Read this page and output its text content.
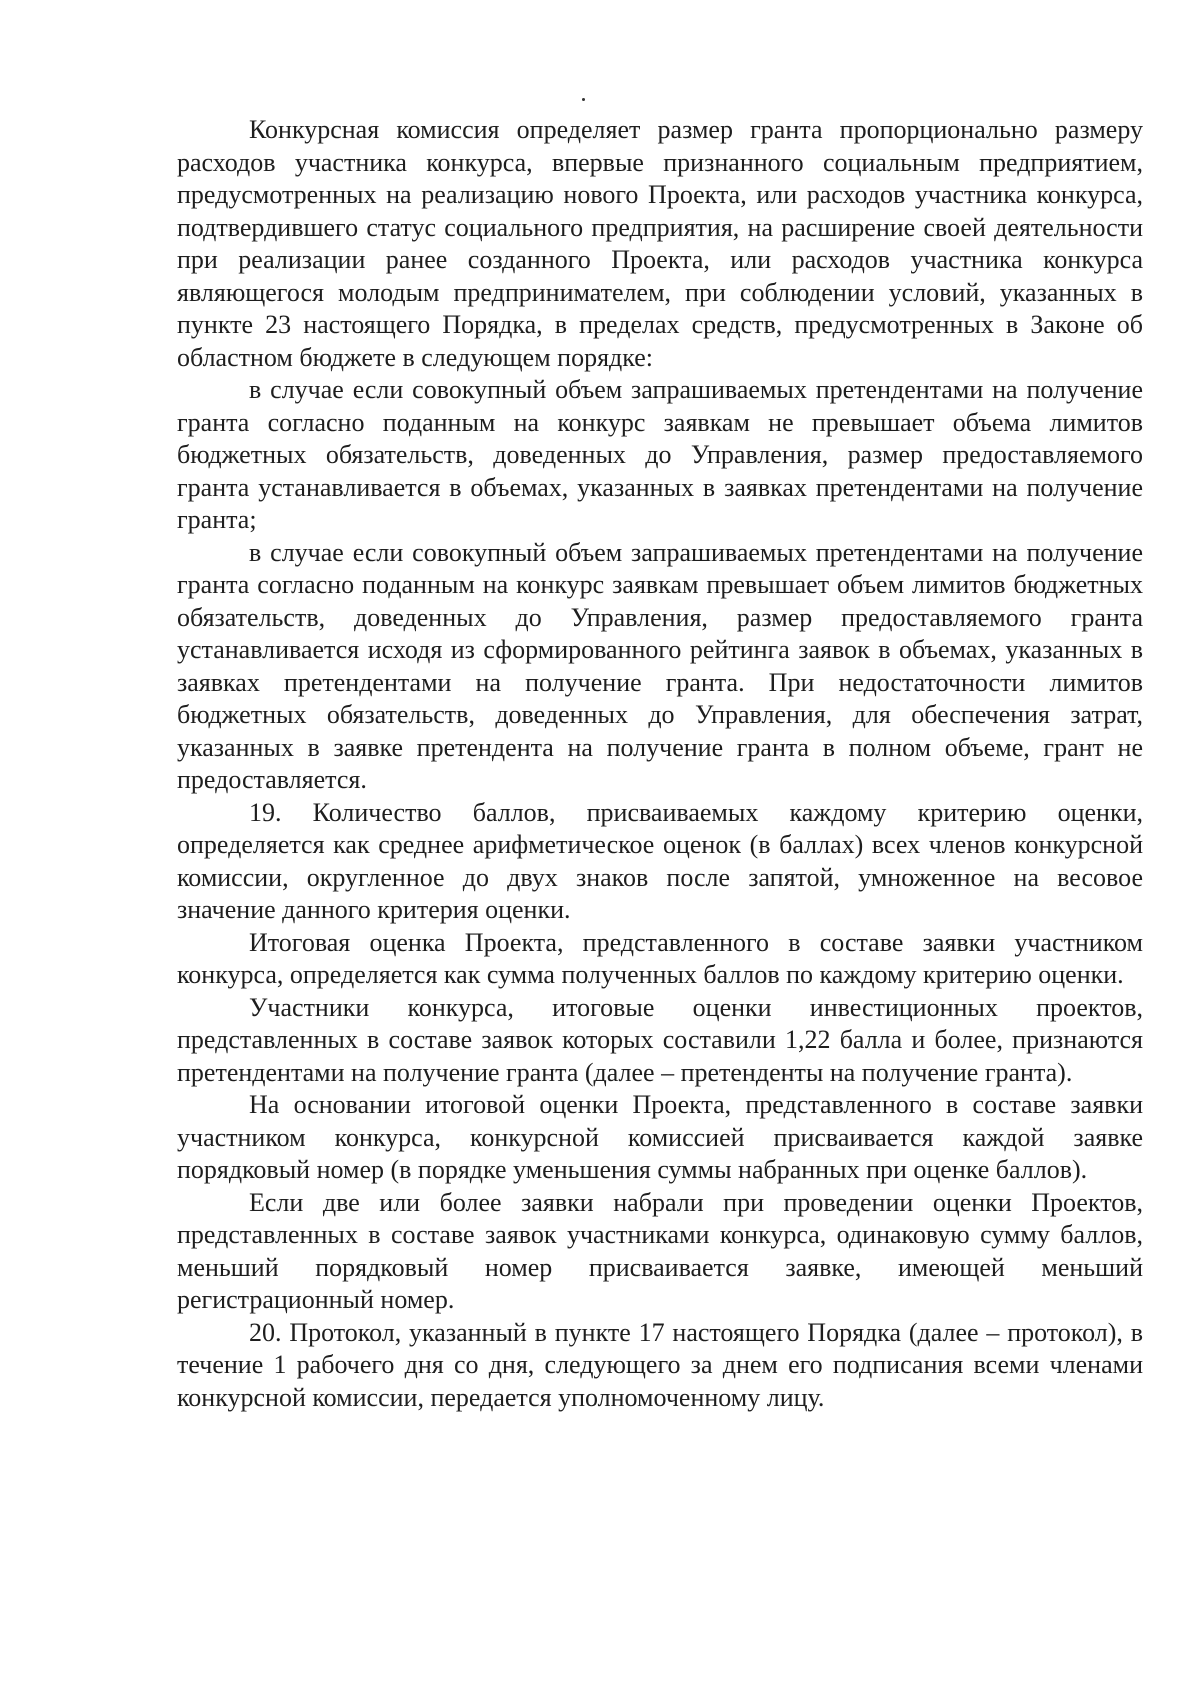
Конкурсная комиссия определяет размер гранта пропорционально размеру расходов участника конкурса, впервые признанного социальным предприятием, предусмотренных на реализацию нового Проекта, или расходов участника конкурса, подтвердившего статус социального предприятия, на расширение своей деятельности при реализации ранее созданного Проекта, или расходов участника конкурса являющегося молодым предпринимателем, при соблюдении условий, указанных в пункте 23 настоящего Порядка, в пределах средств, предусмотренных в Законе об областном бюджете в следующем порядке:

в случае если совокупный объем запрашиваемых претендентами на получение гранта согласно поданным на конкурс заявкам не превышает объема лимитов бюджетных обязательств, доведенных до Управления, размер предоставляемого гранта устанавливается в объемах, указанных в заявках претендентами на получение гранта;

в случае если совокупный объем запрашиваемых претендентами на получение гранта согласно поданным на конкурс заявкам превышает объем лимитов бюджетных обязательств, доведенных до Управления, размер предоставляемого гранта устанавливается исходя из сформированного рейтинга заявок в объемах, указанных в заявках претендентами на получение гранта. При недостаточности лимитов бюджетных обязательств, доведенных до Управления, для обеспечения затрат, указанных в заявке претендента на получение гранта в полном объеме, грант не предоставляется.

19. Количество баллов, присваиваемых каждому критерию оценки, определяется как среднее арифметическое оценок (в баллах) всех членов конкурсной комиссии, округленное до двух знаков после запятой, умноженное на весовое значение данного критерия оценки.

Итоговая оценка Проекта, представленного в составе заявки участником конкурса, определяется как сумма полученных баллов по каждому критерию оценки.

Участники конкурса, итоговые оценки инвестиционных проектов, представленных в составе заявок которых составили 1,22 балла и более, признаются претендентами на получение гранта (далее – претенденты на получение гранта).

На основании итоговой оценки Проекта, представленного в составе заявки участником конкурса, конкурсной комиссией присваивается каждой заявке порядковый номер (в порядке уменьшения суммы набранных при оценке баллов).

Если две или более заявки набрали при проведении оценки Проектов, представленных в составе заявок участниками конкурса, одинаковую сумму баллов, меньший порядковый номер присваивается заявке, имеющей меньший регистрационный номер.

20. Протокол, указанный в пункте 17 настоящего Порядка (далее – протокол), в течение 1 рабочего дня со дня, следующего за днем его подписания всеми членами конкурсной комиссии, передается уполномоченному лицу.
